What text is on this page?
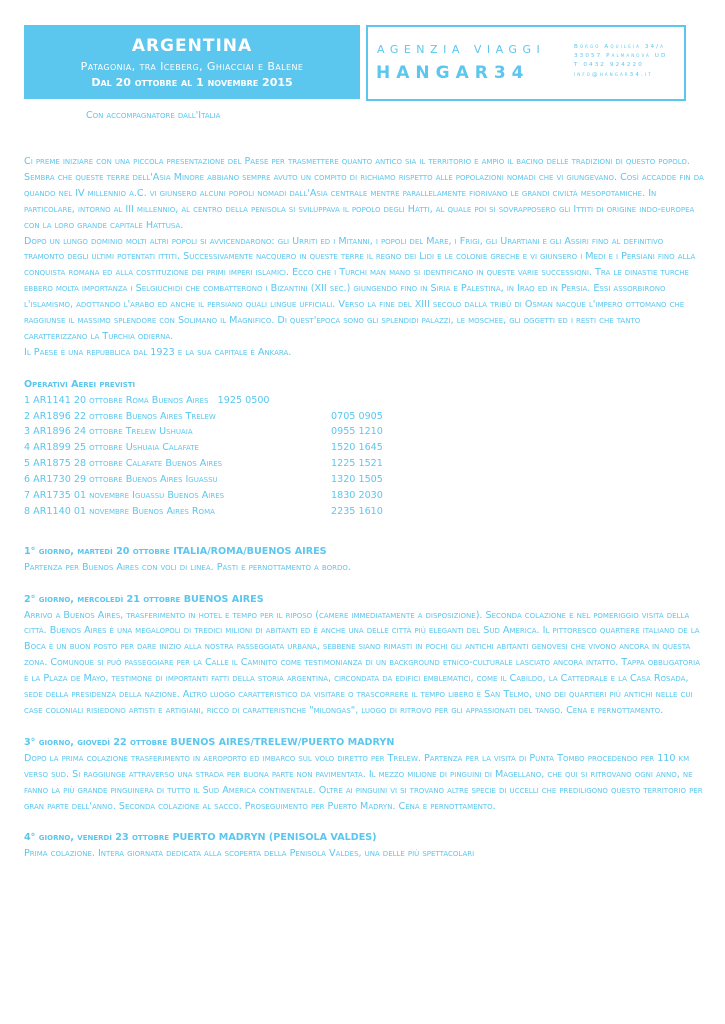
ARGENTINA
Patagonia, tra Iceberg, Ghiacciai e Balene
Dal 20 ottobre al 1 novembre 2015
AGENZIA VIAGGI
HANGAR34
Borgo Aquileia 34/a
33057 Palmanova UD
T 0432 924220
info@hangar34.it
Con accompagnatore dall'Italia

Ci preme iniziare con una piccola presentazione del Paese per trasmettere quanto antico sia il territorio e ampio il bacino delle tradizioni di questo popolo.

Sembra che queste terre dell'Asia Minore abbiano sempre avuto un compito di richiamo rispetto alle popolazioni nomadi che vi giungevano. Così accadde fin da quando nel IV millennio a.C. vi giunsero alcuni popoli nomadi dall'Asia centrale mentre parallelamente fiorivano le grandi civiltà mesopotamiche. In particolare, intorno al III millennio, al centro della penisola si sviluppava il popolo degli Hatti, al quale poi si sovrapposero gli Ittiti di origine indo-europea con la loro grande capitale Hattusa.

Dopo un lungo dominio molti altri popoli si avvicendarono: gli Urriti ed i Mitanni, i popoli del Mare, i Frigi, gli Urartiani e gli Assiri fino al definitivo tramonto degli ultimi potentati ittiti. Successivamente nacquero in queste terre il regno dei Lidi e le colonie greche e vi giunsero i Medi e i Persiani fino alla conquista romana ed alla costituzione dei primi imperi islamici. Ecco che i Turchi man mano si identificano in queste varie successioni. Tra le dinastie turche ebbero molta importanza i Selgiuchidi che combatterono i Bizantini (XII sec.) giungendo fino in Siria e Palestina, in Iraq ed in Persia. Essi assorbirono l'islamismo, adottando l'arabo ed anche il persiano quali lingue ufficiali. Verso la fine del XIII secolo dalla tribù di Osman nacque l'impero ottomano che raggiunse il massimo splendore con Solimano il Magnifico. Di quest'epoca sono gli splendidi palazzi, le moschee, gli oggetti ed i resti che tanto caratterizzano la Turchia odierna.

Il Paese è una repubblica dal 1923 e la sua capitale è Ankara.

Operativi Aerei previsti

1 AR1141 20 ottobre Roma Buenos Aires 1925 0500
2 AR1896 22 ottobre Buenos Aires Trelew	0705 0905
3 AR1896 24 ottobre Trelew Ushuaia	0955 1210
4 AR1899 25 ottobre Ushuaia Calafate	1520 1645
5 AR1875 28 ottobre Calafate Buenos Aires	1225 1521
6 AR1730 29 ottobre Buenos Aires Iguassu	1320 1505
7 AR1735 01 novembre Iguassu Buenos Aires	1830 2030
8 AR1140 01 novembre Buenos Aires Roma	2235 1610

1° giorno, martedì 20 ottobre ITALIA/ROMA/BUENOS AIRES

Partenza per Buenos Aires con voli di linea. Pasti e pernottamento a bordo.

2° giorno, mercoledì 21 ottobre BUENOS AIRES

Arrivo a Buenos Aires, trasferimento in hotel e tempo per il riposo (camere immediatamente a disposizione). Seconda colazione e nel pomeriggio visita della città. Buenos Aires è una megalopoli di tredici milioni di abitanti ed è anche una delle città più eleganti del Sud America. Il pittoresco quartiere italiano de la Boca è un buon posto per dare inizio alla nostra passeggiata urbana, sebbene siano rimasti in pochi gli antichi abitanti genovesi che vivono ancora in questa zona. Comunque si può passeggiare per la Calle il Caminito come testimonianza di un background etnico-culturale lasciato ancora intatto. Tappa obbligatoria è la Plaza de Mayo, testimone di importanti fatti della storia argentina, circondata da edifici emblematici, come il Cabildo, la Cattedrale e la Casa Rosada, sede della presidenza della nazione. Altro luogo caratteristico da visitare o trascorrere il tempo libero è San Telmo, uno dei quartieri più antichi nelle cui case coloniali risiedono artisti e artigiani, ricco di caratteristiche "milongas", luogo di ritrovo per gli appassionati del tango. Cena e pernottamento.

3° giorno, giovedì 22 ottobre BUENOS AIRES/TRELEW/PUERTO MADRYN

Dopo la prima colazione trasferimento in aeroporto ed imbarco sul volo diretto per Trelew. Partenza per la visita di Punta Tombo procedendo per 110 km verso sud. Si raggiunge attraverso una strada per buona parte non pavimentata. Il mezzo milione di pinguini di Magellano, che qui si ritrovano ogni anno, ne fanno la più grande pinguinera di tutto il Sud America continentale. Oltre ai pinguini vi si trovano altre specie di uccelli che prediligono questo territorio per gran parte dell'anno. Seconda colazione al sacco. Proseguimento per Puerto Madryn. Cena e pernottamento.

4° giorno, venerdì 23 ottobre PUERTO MADRYN (PENISOLA VALDES)

Prima colazione. Intera giornata dedicata alla scoperta della Penisola Valdes, una delle più spettacolari
